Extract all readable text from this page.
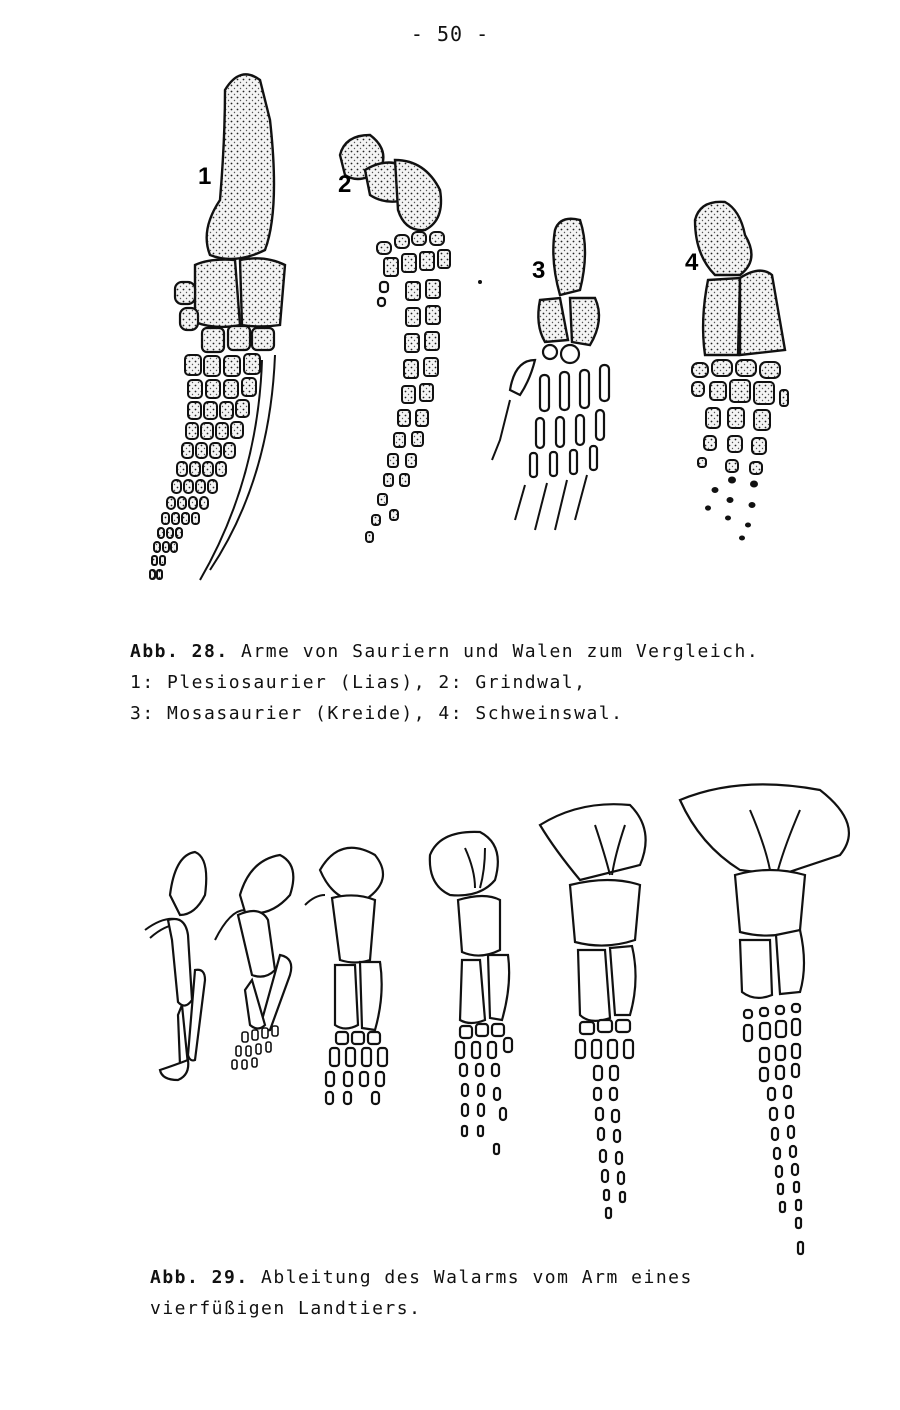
- 50 -
1	2
3	4
Abb. 28. Arme von Sauriern und Walen zum Vergleich.
1: Plesiosaurier (Lias), 2: Grindwal,
3: Mosasaurier (Kreide), 4: Schweinswal.
Abb. 29. Ableitung des Walarms vom Arm eines
vierfüßigen Landtiers.
